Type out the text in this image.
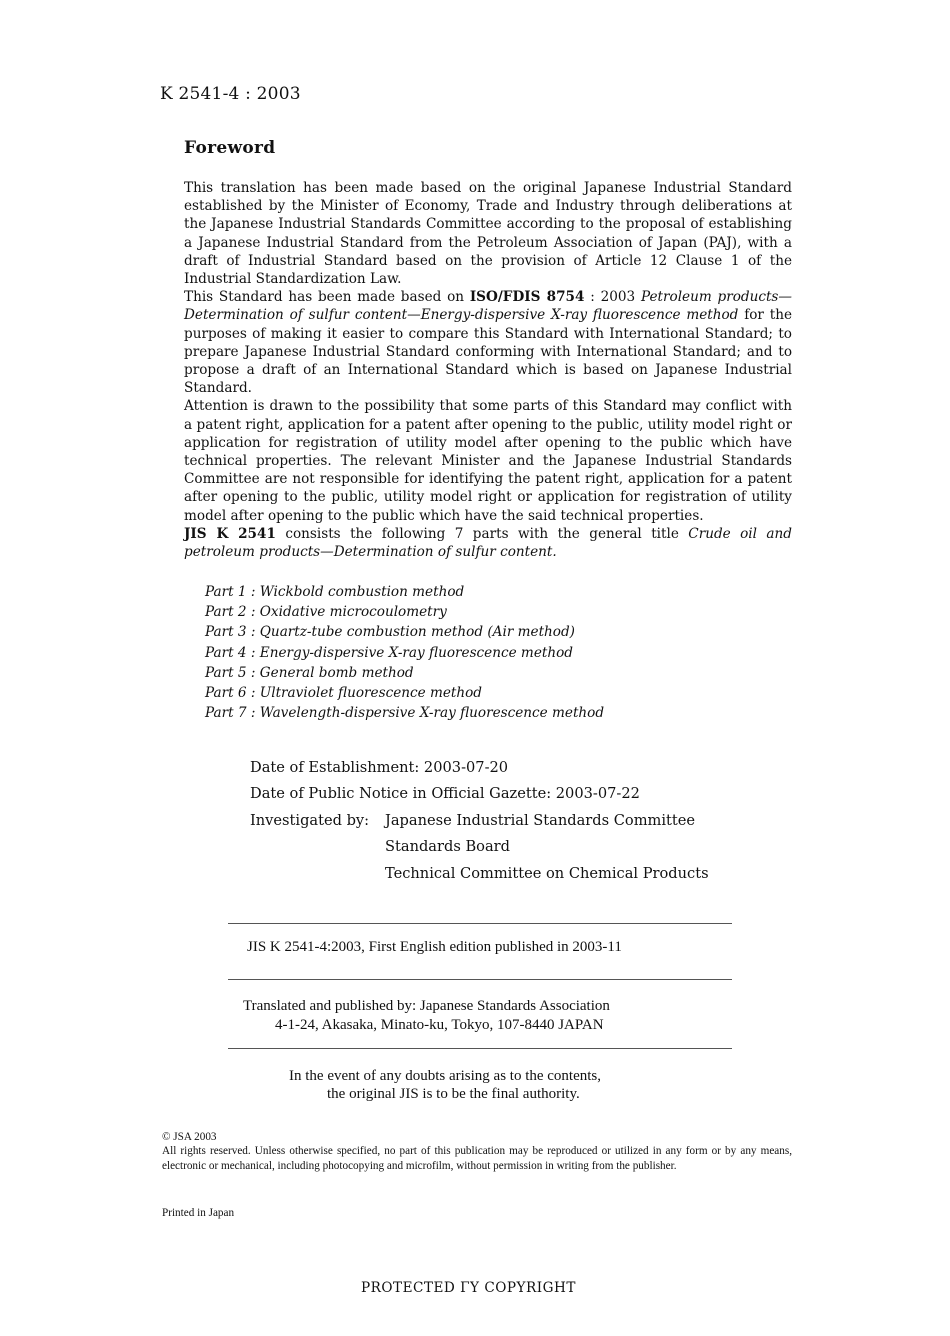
K 2541-4 : 2003
Foreword

This translation has been made based on the original Japanese Industrial Standard established by the Minister of Economy, Trade and Industry through deliberations at the Japanese Industrial Standards Committee according to the proposal of establishing a Japanese Industrial Standard from the Petroleum Association of Japan (PAJ), with a draft of Industrial Standard based on the provision of Article 12 Clause 1 of the Industrial Standardization Law.

This Standard has been made based on ISO/FDIS 8754 : 2003 Petroleum products—Determination of sulfur content—Energy-dispersive X-ray fluorescence method for the purposes of making it easier to compare this Standard with International Standard; to prepare Japanese Industrial Standard conforming with International Standard; and to propose a draft of an International Standard which is based on Japanese Industrial Standard.

Attention is drawn to the possibility that some parts of this Standard may conflict with a patent right, application for a patent after opening to the public, utility model right or application for registration of utility model after opening to the public which have technical properties. The relevant Minister and the Japanese Industrial Standards Committee are not responsible for identifying the patent right, application for a patent after opening to the public, utility model right or application for registration of utility model after opening to the public which have the said technical properties.

JIS K 2541 consists the following 7 parts with the general title Crude oil and petroleum products—Determination of sulfur content.

Part 1 : Wickbold combustion method
Part 2 : Oxidative microcoulometry
Part 3 : Quartz-tube combustion method (Air method)
Part 4 : Energy-dispersive X-ray fluorescence method
Part 5 : General bomb method
Part 6 : Ultraviolet fluorescence method
Part 7 : Wavelength-dispersive X-ray fluorescence method
Date of Establishment: 2003-07-20
Date of Public Notice in Official Gazette: 2003-07-22
Investigated by: Japanese Industrial Standards Committee
Standards Board
Technical Committee on Chemical Products
JIS K 2541-4:2003, First English edition published in 2003-11
Translated and published by: Japanese Standards Association
4-1-24, Akasaka, Minato-ku, Tokyo, 107-8440 JAPAN
In the event of any doubts arising as to the contents,
the original JIS is to be the final authority.
© JSA 2003
All rights reserved. Unless otherwise specified, no part of this publication may be reproduced or utilized in any form or by any means, electronic or mechanical, including photocopying and microfilm, without permission in writing from the publisher.
Printed in Japan
PROTECTED ΓY COPYRIGHT
